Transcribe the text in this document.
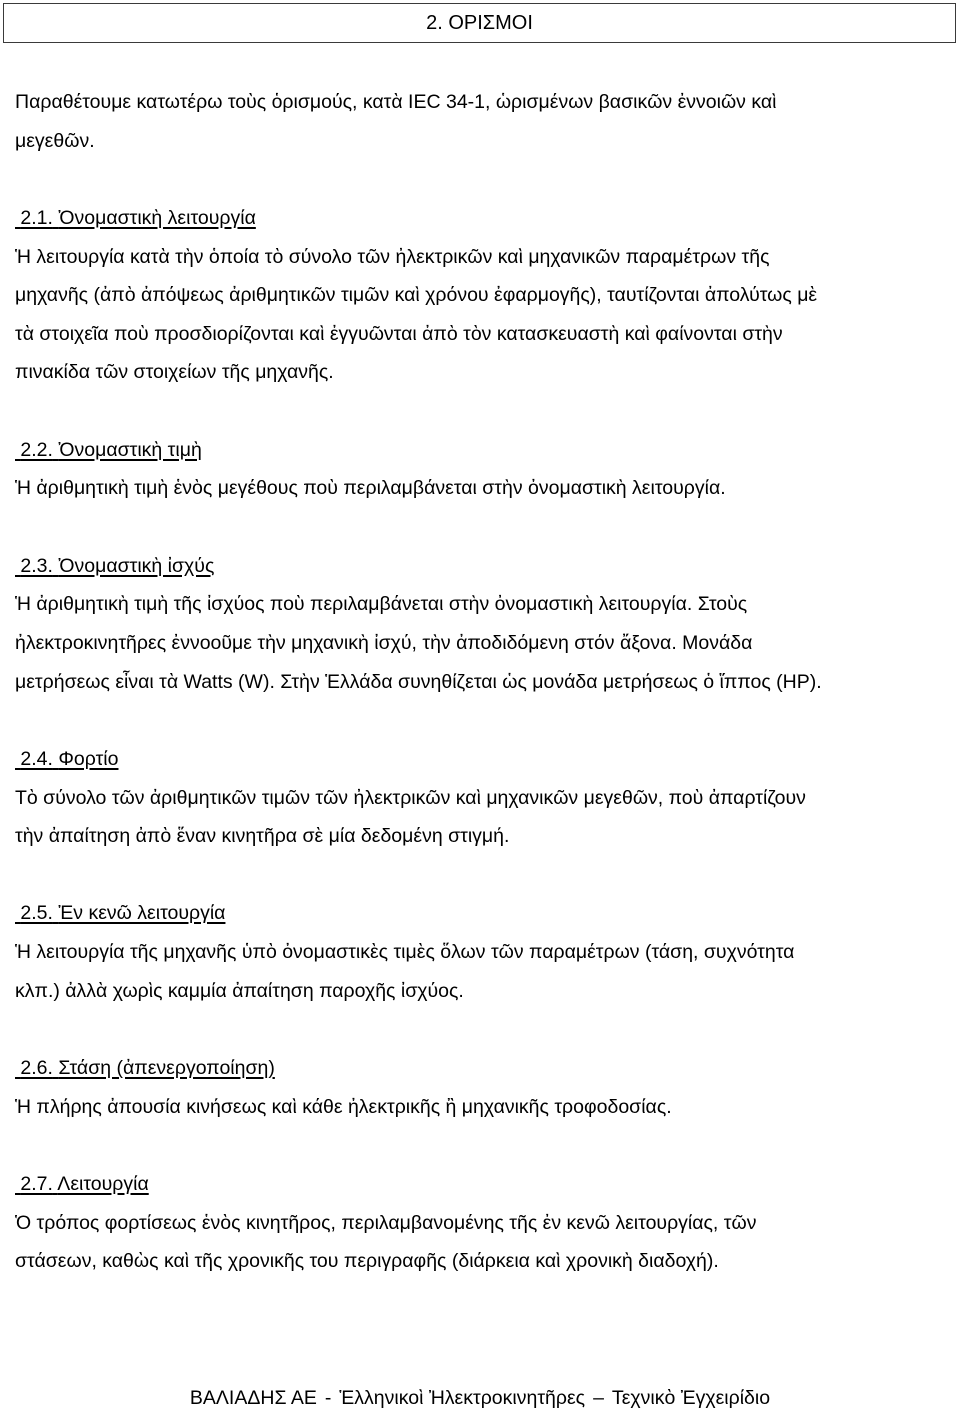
2. ΟΡΙΣΜΟΙ
Παραθέτουμε κατωτέρω τοὺς ὁρισμούς, κατὰ IEC 34-1, ὡρισμένων βασικῶν ἐννοιῶν καὶ
μεγεθῶν.
2.1. Ὀνομαστικὴ λειτουργία
Ἡ λειτουργία κατὰ τὴν ὁποία τὸ σύνολο τῶν ἠλεκτρικῶν καὶ μηχανικῶν παραμέτρων τῆς
μηχανῆς (ἀπὸ ἀπόψεως ἀριθμητικῶν τιμῶν καὶ χρόνου ἐφαρμογῆς), ταυτίζονται ἀπολύτως μὲ
τὰ στοιχεῖα ποὺ προσδιορίζονται καὶ ἐγγυῶνται ἀπὸ τὸν κατασκευαστὴ καὶ φαίνονται στὴν
πινακίδα τῶν στοιχείων τῆς μηχανῆς.
2.2. Ὀνομαστικὴ τιμὴ
Ἡ ἀριθμητικὴ τιμὴ ἑνὸς μεγέθους ποὺ περιλαμβάνεται στὴν ὀνομαστικὴ λειτουργία.
2.3. Ὀνομαστικὴ ἰσχύς
Ἡ ἀριθμητικὴ τιμὴ τῆς ἰσχύος ποὺ περιλαμβάνεται στὴν ὀνομαστικὴ λειτουργία. Στοὺς
ἠλεκτροκινητῆρες ἐννοοῦμε τὴν μηχανικὴ ἰσχύ, τὴν ἀποδιδόμενη στόν ἄξονα. Μονάδα
μετρήσεως εἶναι τὰ Watts (W). Στὴν Ἑλλάδα συνηθίζεται ὡς μονάδα μετρήσεως ὁ ἵππος (HP).
2.4. Φορτίο
Τὸ σύνολο τῶν ἀριθμητικῶν τιμῶν τῶν ἠλεκτρικῶν καὶ μηχανικῶν μεγεθῶν, ποὺ ἀπαρτίζουν
τὴν ἀπαίτηση ἀπὸ ἕναν κινητῆρα σὲ μία δεδομένη στιγμή.
2.5. Ἐν κενῶ λειτουργία
Ἡ λειτουργία τῆς μηχανῆς ὑπὸ ὀνομαστικὲς τιμὲς ὅλων τῶν παραμέτρων (τάση, συχνότητα
κλπ.) ἀλλὰ χωρὶς καμμία ἀπαίτηση παροχῆς ἰσχύος.
2.6. Στάση (ἀπενεργοποίηση)
Ἡ πλήρης ἀπουσία κινήσεως καὶ κάθε ἠλεκτρικῆς ἢ μηχανικῆς τροφοδοσίας.
2.7. Λειτουργία
Ὁ τρόπος φορτίσεως ἑνὸς κινητῆρος, περιλαμβανομένης τῆς ἐν κενῶ λειτουργίας, τῶν
στάσεων, καθὼς καὶ τῆς χρονικῆς του περιγραφῆς (διάρκεια καὶ χρονικὴ διαδοχή).
ΒΑΛΙΑΔΗΣ ΑΕ - Ἑλληνικοὶ Ἠλεκτροκινητῆρες – Τεχνικὸ Ἐγχειρίδιο
